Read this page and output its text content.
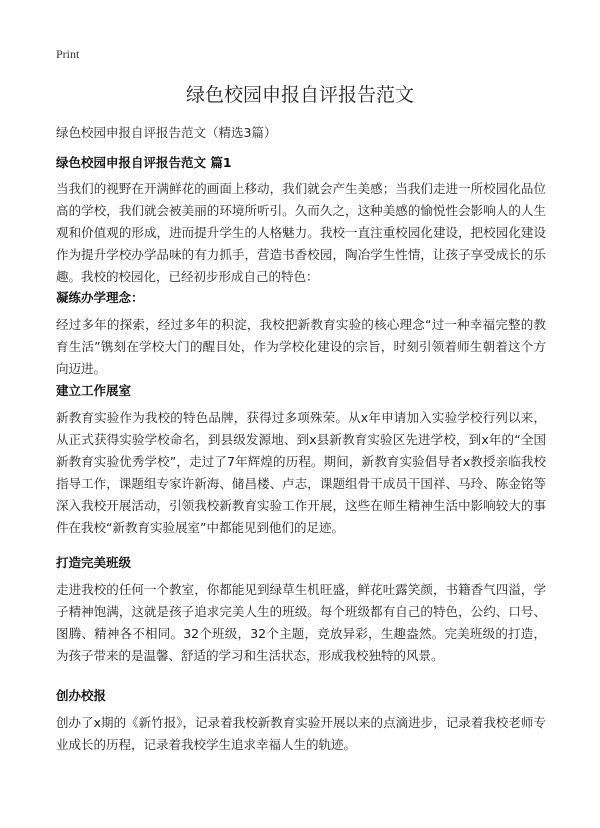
Print
绿色校园申报自评报告范文
绿色校园申报自评报告范文（精选3篇）
绿色校园申报自评报告范文 篇1

当我们的视野在开满鲜花的画面上移动，我们就会产生美感；当我们走进一所校园化品位高的学校，我们就会被美丽的环境所听引。久而久之，这种美感的愉悦性会影响人的人生观和价值观的形成，进而提升学生的人格魅力。我校一直注重校园化建设，把校园化建设作为提升学校办学品味的有力抓手，营造书香校园，陶冶学生性情，让孩子享受成长的乐趣。我校的校园化，已经初步形成自己的特色：

凝练办学理念：

经过多年的探索，经过多年的积淀，我校把新教育实验的核心理念“过一种幸福完整的教育生活”镌刻在学校大门的醒目处，作为学校化建设的宗旨，时刻引领着师生朝着这个方向迈进。

建立工作展室

新教育实验作为我校的特色品牌，获得过多项殊荣。从x年申请加入实验学校行列以来，从正式获得实验学校命名，到县级发源地、到x县新教育实验区先进学校，到x年的“全国新教育实验优秀学校”，走过了7年辉煌的历程。期间，新教育实验倡导者x教授亲临我校指导工作，课题组专家许新海、储昌楼、卢志，课题组骨干成员干国祥、马玲、陈金铭等深入我校开展活动，引领我校新教育实验工作开展，这些在师生精神生活中影响较大的事件在我校“新教育实验展室”中都能见到他们的足迹。

打造完美班级

走进我校的任何一个教室，你都能见到绿草生机旺盛，鲜花吐露笑颜，书籍香气四溢，学子精神饱满，这就是孩子追求完美人生的班级。每个班级都有自己的特色，公约、口号、图腾、精神各不相同。32个班级，32个主题，竞放异彩，生趣盎然。完美班级的打造，为孩子带来的是温馨、舒适的学习和生活状态，形成我校独特的风景。

创办校报

创办了x期的《新竹报》，记录着我校新教育实验开展以来的点滴进步，记录着我校老师专业成长的历程，记录着我校学生追求幸福人生的轨迹。
